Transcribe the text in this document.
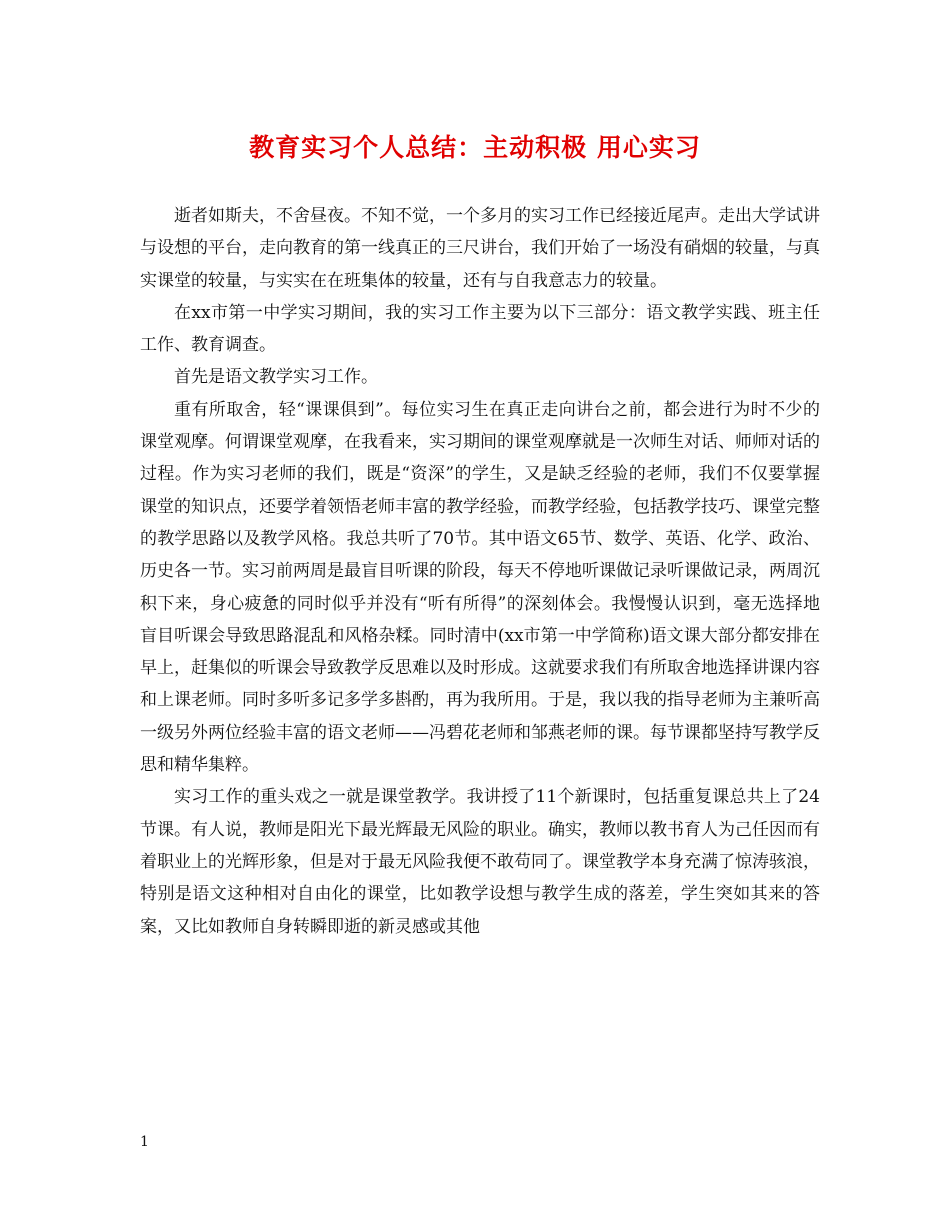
教育实习个人总结：主动积极 用心实习

逝者如斯夫，不舍昼夜。不知不觉，一个多月的实习工作已经接近尾声。走出大学试讲与设想的平台，走向教育的第一线真正的三尺讲台，我们开始了一场没有硝烟的较量，与真实课堂的较量，与实实在在班集体的较量，还有与自我意志力的较量。

在xx市第一中学实习期间，我的实习工作主要为以下三部分：语文教学实践、班主任工作、教育调查。

首先是语文教学实习工作。

重有所取舍，轻“课课俱到”。每位实习生在真正走向讲台之前，都会进行为时不少的课堂观摩。何谓课堂观摩，在我看来，实习期间的课堂观摩就是一次师生对话、师师对话的过程。作为实习老师的我们，既是“资深”的学生，又是缺乏经验的老师，我们不仅要掌握课堂的知识点，还要学着领悟老师丰富的教学经验，而教学经验，包括教学技巧、课堂完整的教学思路以及教学风格。我总共听了70节。其中语文65节、数学、英语、化学、政治、历史各一节。实习前两周是最盲目听课的阶段，每天不停地听课做记录听课做记录，两周沉积下来，身心疲惫的同时似乎并没有“听有所得”的深刻体会。我慢慢认识到，毫无选择地盲目听课会导致思路混乱和风格杂糅。同时清中(xx市第一中学简称)语文课大部分都安排在早上，赶集似的听课会导致教学反思难以及时形成。这就要求我们有所取舍地选择讲课内容和上课老师。同时多听多记多学多斟酌，再为我所用。于是，我以我的指导老师为主兼听高一级另外两位经验丰富的语文老师——冯碧花老师和邹燕老师的课。每节课都坚持写教学反思和精华集粹。

实习工作的重头戏之一就是课堂教学。我讲授了11个新课时，包括重复课总共上了24节课。有人说，教师是阳光下最光辉最无风险的职业。确实，教师以教书育人为己任因而有着职业上的光辉形象，但是对于最无风险我便不敢苟同了。课堂教学本身充满了惊涛骇浪，特别是语文这种相对自由化的课堂，比如教学设想与教学生成的落差，学生突如其来的答案，又比如教师自身转瞬即逝的新灵感或其他

1
